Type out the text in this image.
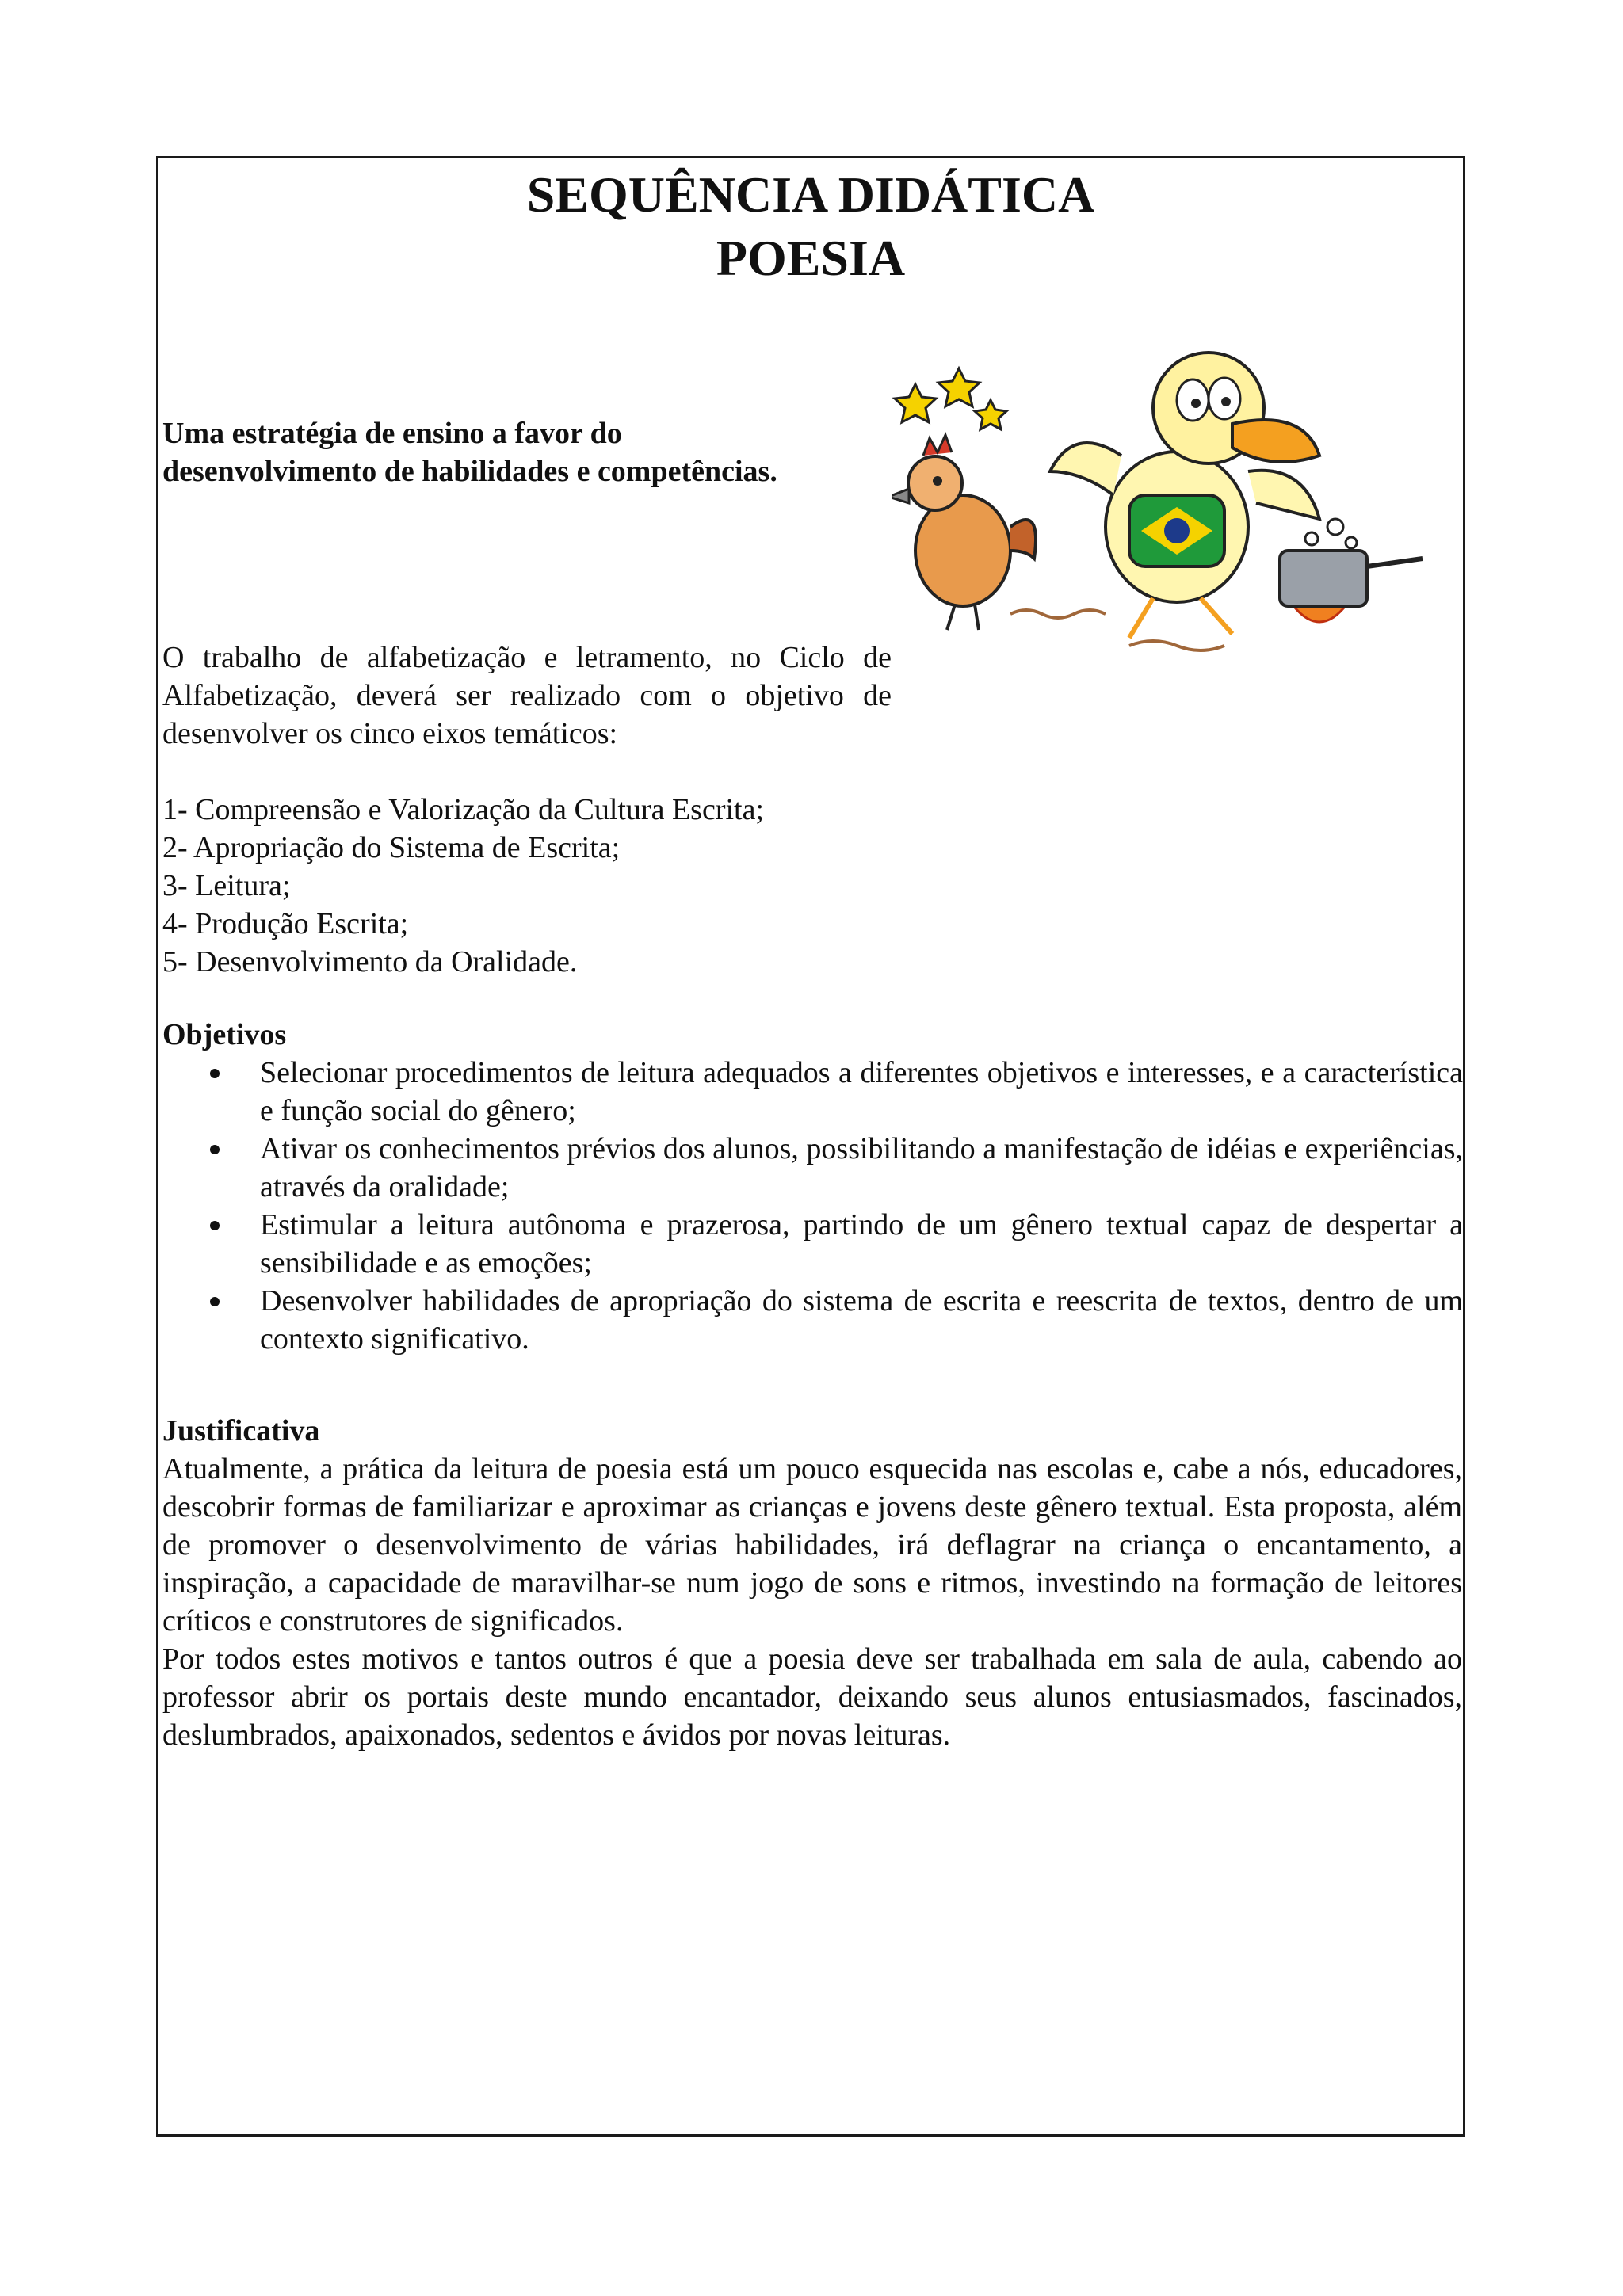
SEQUÊNCIA DIDÁTICA
POESIA

Uma estratégia de ensino a favor do
desenvolvimento de habilidades e competências.

O trabalho de alfabetização e letramento, no Ciclo de Alfabetização, deverá ser realizado com o objetivo de desenvolver os cinco eixos temáticos:

1- Compreensão e Valorização da Cultura Escrita;
2- Apropriação do Sistema de Escrita;
3- Leitura;
4- Produção Escrita;
5- Desenvolvimento da Oralidade.
Objetivos
Selecionar procedimentos de leitura adequados a diferentes objetivos e interesses, e a característica e função social do gênero;
Ativar os conhecimentos prévios dos alunos, possibilitando a manifestação de idéias e experiências, através da oralidade;
Estimular a leitura autônoma e prazerosa, partindo de um gênero textual capaz de despertar a sensibilidade e as emoções;
Desenvolver habilidades de apropriação do sistema de escrita e reescrita de textos, dentro de um contexto significativo.
Justificativa

Atualmente, a prática da leitura de poesia está um pouco esquecida nas escolas e, cabe a nós, educadores, descobrir formas de familiarizar e aproximar as crianças e jovens deste gênero textual. Esta proposta, além de promover o desenvolvimento de várias habilidades, irá deflagrar na criança o encantamento, a inspiração, a capacidade de maravilhar-se num jogo de sons e ritmos, investindo na formação de leitores críticos e construtores de significados.

Por todos estes motivos e tantos outros é que a poesia deve ser trabalhada em sala de aula, cabendo ao professor abrir os portais deste mundo encantador, deixando seus alunos entusiasmados, fascinados, deslumbrados, apaixonados, sedentos e ávidos por novas leituras.
